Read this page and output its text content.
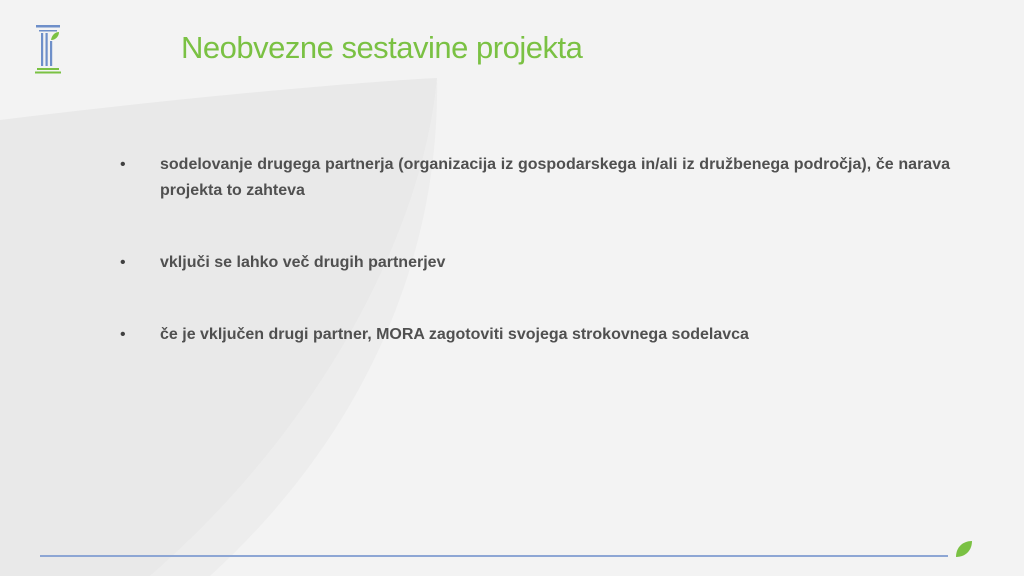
Neobvezne sestavine projekta
• sodelovanje drugega partnerja (organizacija iz gospodarskega in/ali iz družbenega področja), če narava projekta to zahteva
• vključi se lahko več drugih partnerjev
• če je vključen drugi partner, MORA zagotoviti svojega strokovnega sodelavca
